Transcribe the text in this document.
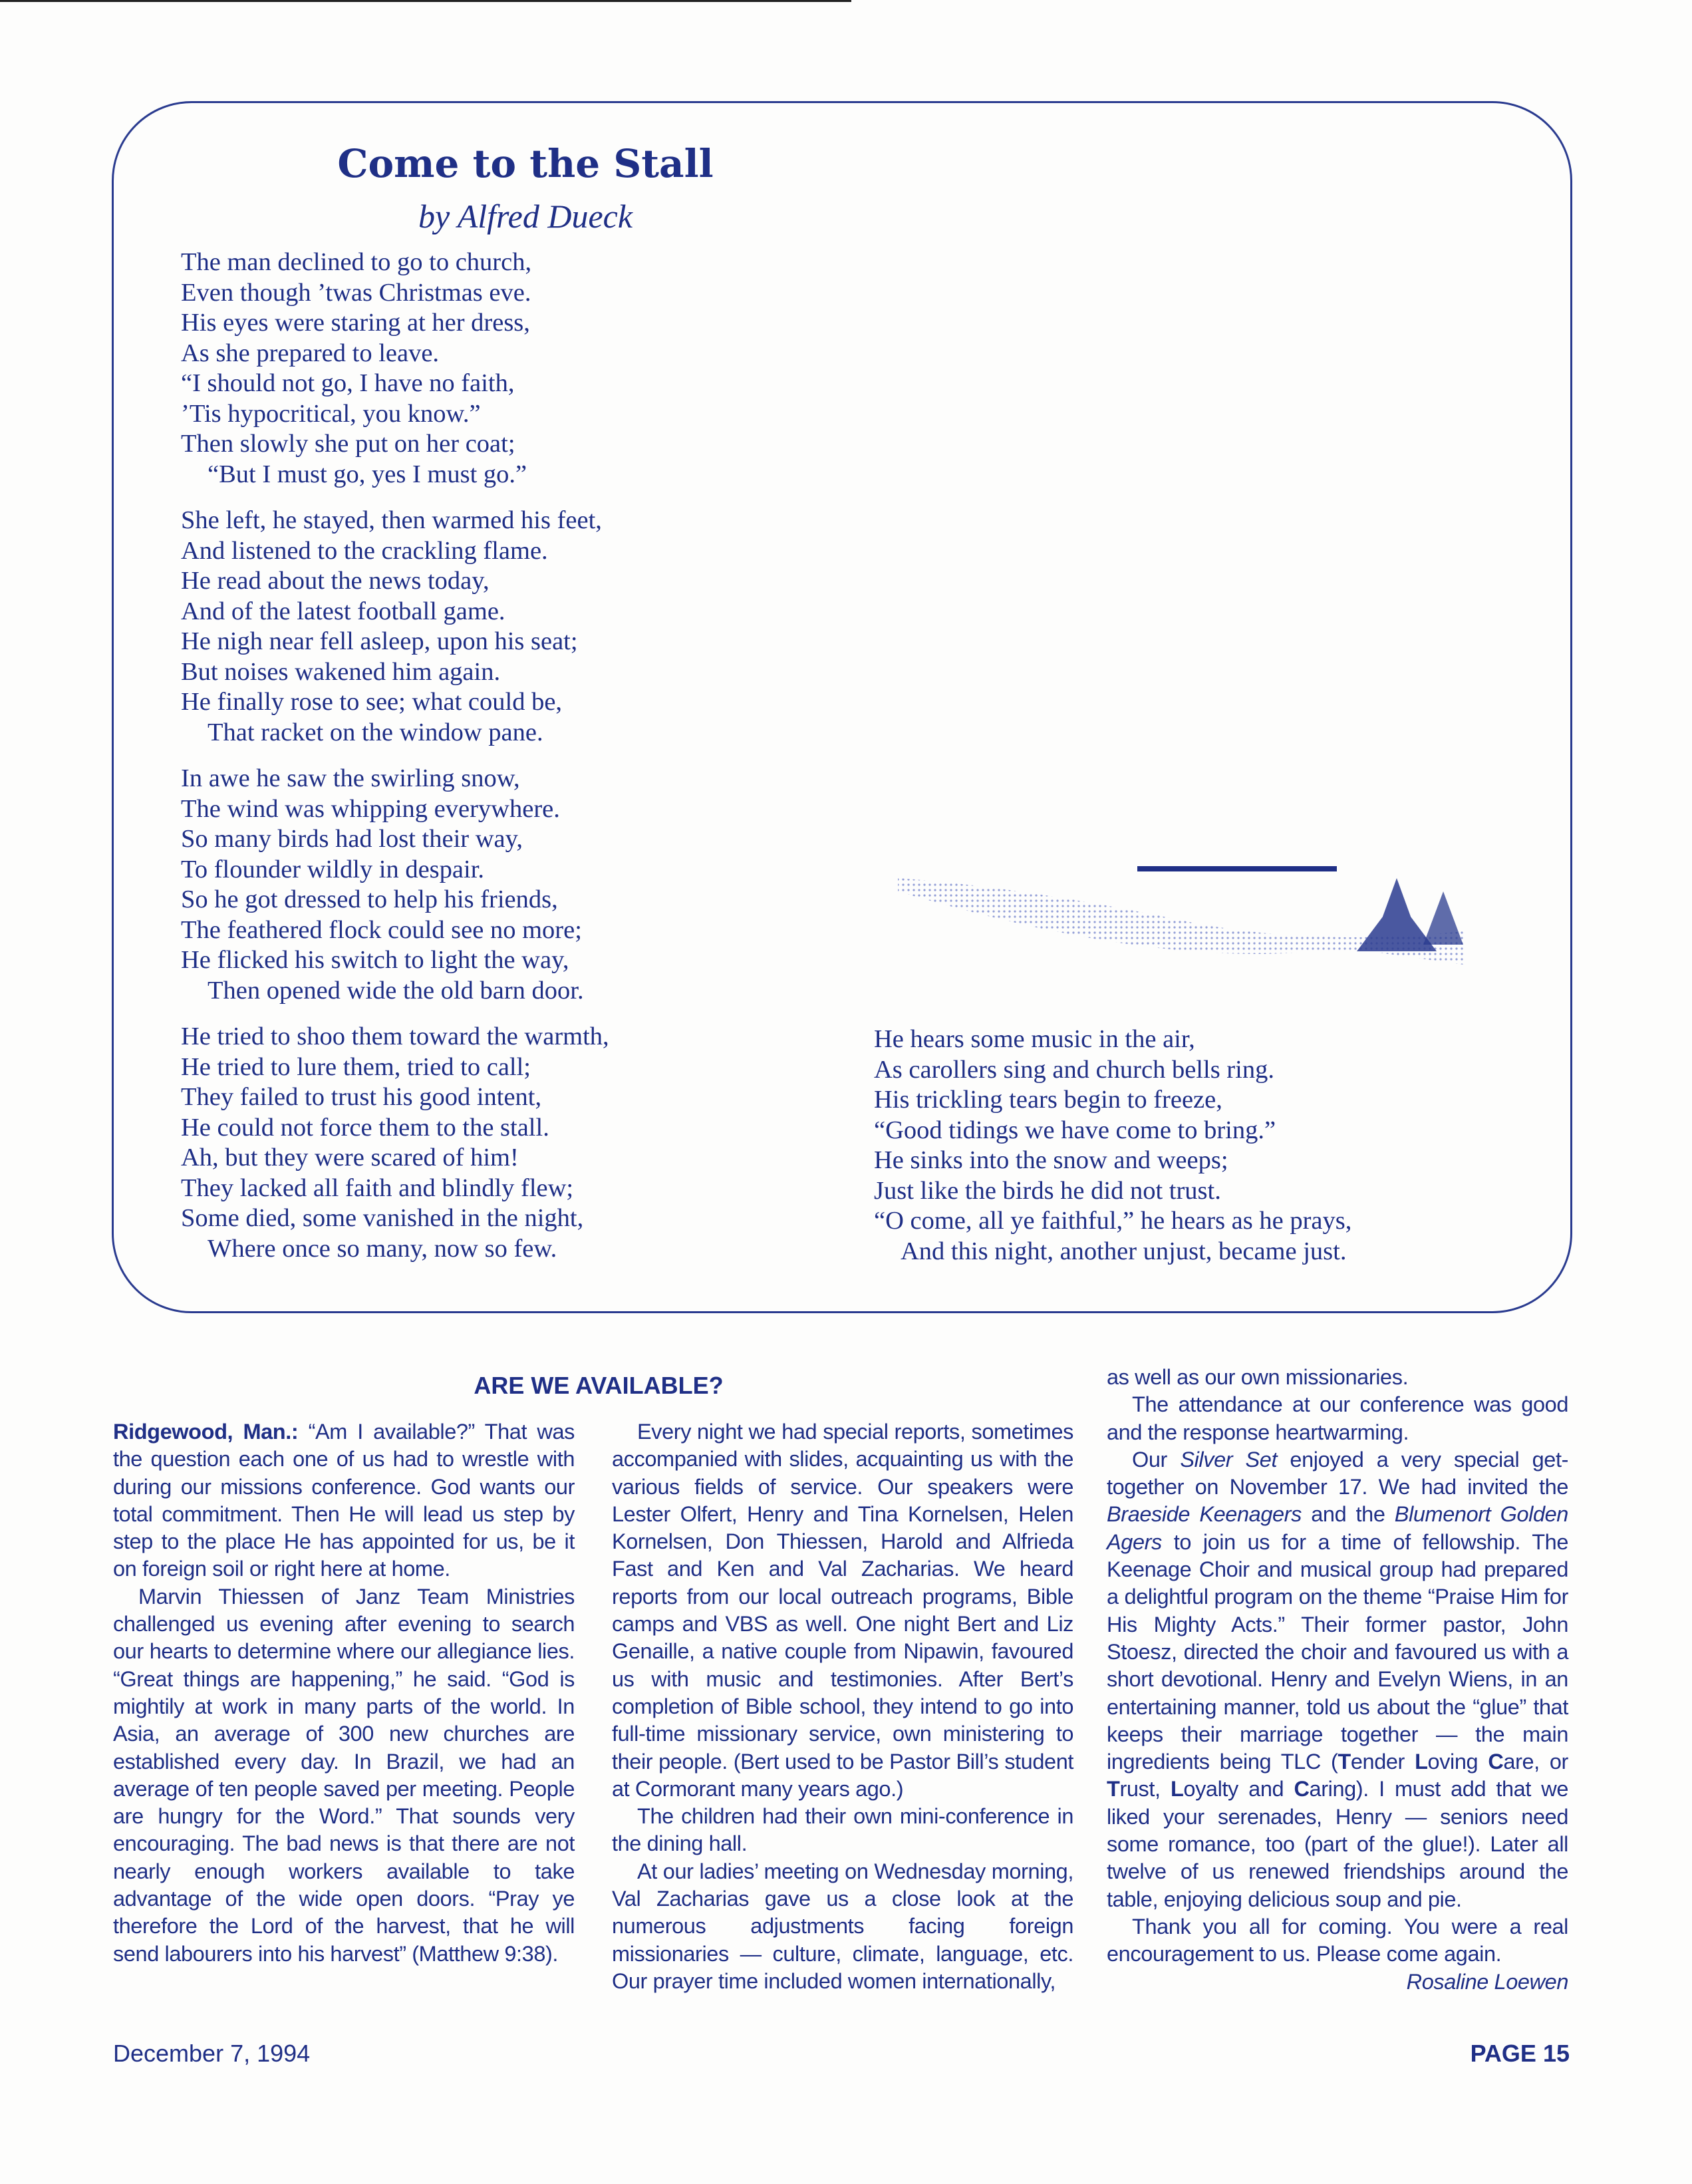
Come to the Stall
by Alfred Dueck
The man declined to go to church,
Even though ’twas Christmas eve.
His eyes were staring at her dress,
As she prepared to leave.
“I should not go, I have no faith,
’Tis hypocritical, you know.”
Then slowly she put on her coat;
“But I must go, yes I must go.”
She left, he stayed, then warmed his feet,
And listened to the crackling flame.
He read about the news today,
And of the latest football game.
He nigh near fell asleep, upon his seat;
But noises wakened him again.
He finally rose to see; what could be,
That racket on the window pane.
In awe he saw the swirling snow,
The wind was whipping everywhere.
So many birds had lost their way,
To flounder wildly in despair.
So he got dressed to help his friends,
The feathered flock could see no more;
He flicked his switch to light the way,
Then opened wide the old barn door.
He tried to shoo them toward the warmth,
He tried to lure them, tried to call;
They failed to trust his good intent,
He could not force them to the stall.
Ah, but they were scared of him!
They lacked all faith and blindly flew;
Some died, some vanished in the night,
Where once so many, now so few.
He hears some music in the air,
As carollers sing and church bells ring.
His trickling tears begin to freeze,
“Good tidings we have come to bring.”
He sinks into the snow and weeps;
Just like the birds he did not trust.
“O come, all ye faithful,” he hears as he prays,
And this night, another unjust, became just.
ARE WE AVAILABLE?

Ridgewood, Man.: “Am I available?” That was the question each one of us had to wrestle with during our missions conference. God wants our total commitment. Then He will lead us step by step to the place He has appointed for us, be it on foreign soil or right here at home.

Marvin Thiessen of Janz Team Ministries challenged us evening after evening to search our hearts to determine where our allegiance lies. “Great things are happening,” he said. “God is mightily at work in many parts of the world. In Asia, an average of 300 new churches are established every day. In Brazil, we had an average of ten people saved per meeting. People are hungry for the Word.” That sounds very encouraging. The bad news is that there are not nearly enough workers available to take advantage of the wide open doors. “Pray ye therefore the Lord of the harvest, that he will send labourers into his harvest” (Matthew 9:38).

Every night we had special reports, sometimes accompanied with slides, acquainting us with the various fields of service. Our speakers were Lester Olfert, Henry and Tina Kornelsen, Helen Kornelsen, Don Thiessen, Harold and Alfrieda Fast and Ken and Val Zacharias. We heard reports from our local outreach programs, Bible camps and VBS as well. One night Bert and Liz Genaille, a native couple from Nipawin, favoured us with music and testimonies. After Bert’s completion of Bible school, they intend to go into full-time missionary service, own ministering to their people. (Bert used to be Pastor Bill’s student at Cormorant many years ago.)

The children had their own mini-conference in the dining hall.

At our ladies’ meeting on Wednesday morning, Val Zacharias gave us a close look at the numerous adjustments facing foreign missionaries — culture, climate, language, etc. Our prayer time included women internationally,

as well as our own missionaries.

The attendance at our conference was good and the response heartwarming.

Our Silver Set enjoyed a very special get-together on November 17. We had invited the Braeside Keenagers and the Blumenort Golden Agers to join us for a time of fellowship. The Keenage Choir and musical group had prepared a delightful program on the theme “Praise Him for His Mighty Acts.” Their former pastor, John Stoesz, directed the choir and favoured us with a short devotional. Henry and Evelyn Wiens, in an entertaining manner, told us about the “glue” that keeps their marriage together — the main ingredients being TLC (Tender Loving Care, or Trust, Loyalty and Caring). I must add that we liked your serenades, Henry — seniors need some romance, too (part of the glue!). Later all twelve of us renewed friendships around the table, enjoying delicious soup and pie.

Thank you all for coming. You were a real encouragement to us. Please come again.

Rosaline Loewen

December 7, 1994	PAGE 15
